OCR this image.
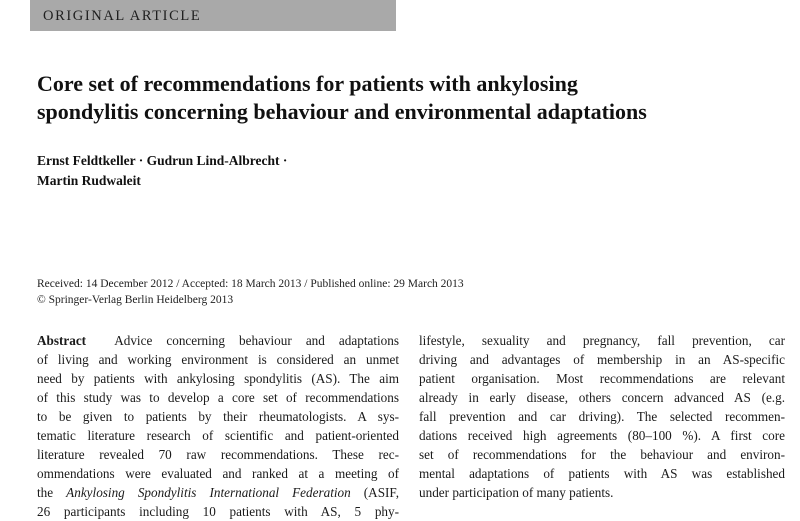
ORIGINAL ARTICLE
Core set of recommendations for patients with ankylosing
spondylitis concerning behaviour and environmental adaptations
Ernst Feldtkeller · Gudrun Lind-Albrecht ·
Martin Rudwaleit
Received: 14 December 2012 / Accepted: 18 March 2013 / Published online: 29 March 2013
© Springer-Verlag Berlin Heidelberg 2013
Abstract Advice concerning behaviour and adaptations
of living and working environment is considered an unmet
need by patients with ankylosing spondylitis (AS). The aim
of this study was to develop a core set of recommendations
to be given to patients by their rheumatologists. A sys-
tematic literature research of scientific and patient-oriented
literature revealed 70 raw recommendations. These rec-
ommendations were evaluated and ranked at a meeting of
the Ankylosing Spondylitis International Federation (ASIF,
26 participants including 10 patients with AS, 5 phy-
lifestyle, sexuality and pregnancy, fall prevention, car
driving and advantages of membership in an AS-specific
patient organisation. Most recommendations are relevant
already in early disease, others concern advanced AS (e.g.
fall prevention and car driving). The selected recommen-
dations received high agreements (80–100 %). A first core
set of recommendations for the behaviour and environ-
mental adaptations of patients with AS was established
under participation of many patients.
